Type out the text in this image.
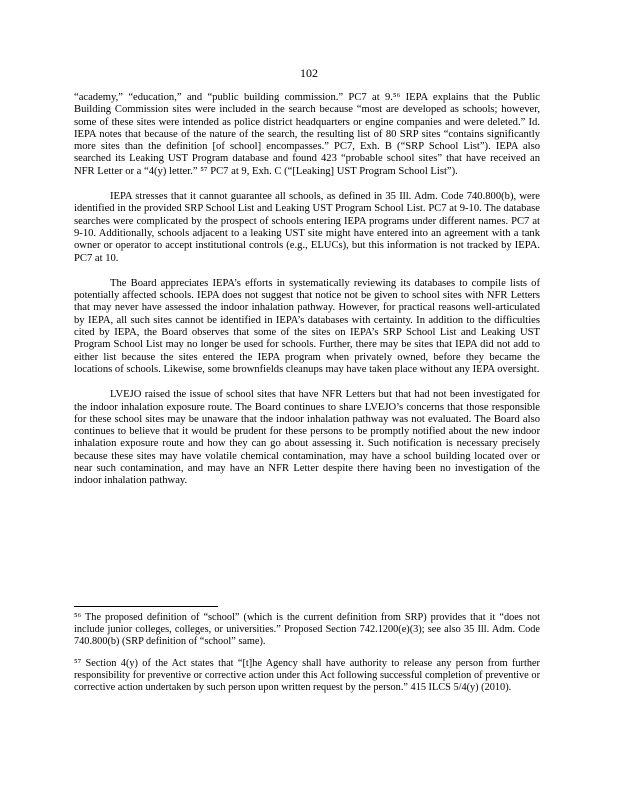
102

“academy,” “education,” and “public building commission.” PC7 at 9.⁵⁶ IEPA explains that the Public Building Commission sites were included in the search because “most are developed as schools; however, some of these sites were intended as police district headquarters or engine companies and were deleted.” Id. IEPA notes that because of the nature of the search, the resulting list of 80 SRP sites “contains significantly more sites than the definition [of school] encompasses.” PC7, Exh. B (“SRP School List”). IEPA also searched its Leaking UST Program database and found 423 “probable school sites” that have received an NFR Letter or a “4(y) letter.” ⁵⁷ PC7 at 9, Exh. C (“[Leaking] UST Program School List”).

IEPA stresses that it cannot guarantee all schools, as defined in 35 Ill. Adm. Code 740.800(b), were identified in the provided SRP School List and Leaking UST Program School List. PC7 at 9-10. The database searches were complicated by the prospect of schools entering IEPA programs under different names. PC7 at 9-10. Additionally, schools adjacent to a leaking UST site might have entered into an agreement with a tank owner or operator to accept institutional controls (e.g., ELUCs), but this information is not tracked by IEPA. PC7 at 10.

The Board appreciates IEPA’s efforts in systematically reviewing its databases to compile lists of potentially affected schools. IEPA does not suggest that notice not be given to school sites with NFR Letters that may never have assessed the indoor inhalation pathway. However, for practical reasons well-articulated by IEPA, all such sites cannot be identified in IEPA’s databases with certainty. In addition to the difficulties cited by IEPA, the Board observes that some of the sites on IEPA’s SRP School List and Leaking UST Program School List may no longer be used for schools. Further, there may be sites that IEPA did not add to either list because the sites entered the IEPA program when privately owned, before they became the locations of schools. Likewise, some brownfields cleanups may have taken place without any IEPA oversight.

LVEJO raised the issue of school sites that have NFR Letters but that had not been investigated for the indoor inhalation exposure route. The Board continues to share LVEJO’s concerns that those responsible for these school sites may be unaware that the indoor inhalation pathway was not evaluated. The Board also continues to believe that it would be prudent for these persons to be promptly notified about the new indoor inhalation exposure route and how they can go about assessing it. Such notification is necessary precisely because these sites may have volatile chemical contamination, may have a school building located over or near such contamination, and may have an NFR Letter despite there having been no investigation of the indoor inhalation pathway.

⁵⁶ The proposed definition of “school” (which is the current definition from SRP) provides that it “does not include junior colleges, colleges, or universities.” Proposed Section 742.1200(e)(3); see also 35 Ill. Adm. Code 740.800(b) (SRP definition of “school” same).

⁵⁷ Section 4(y) of the Act states that “[t]he Agency shall have authority to release any person from further responsibility for preventive or corrective action under this Act following successful completion of preventive or corrective action undertaken by such person upon written request by the person.” 415 ILCS 5/4(y) (2010).
